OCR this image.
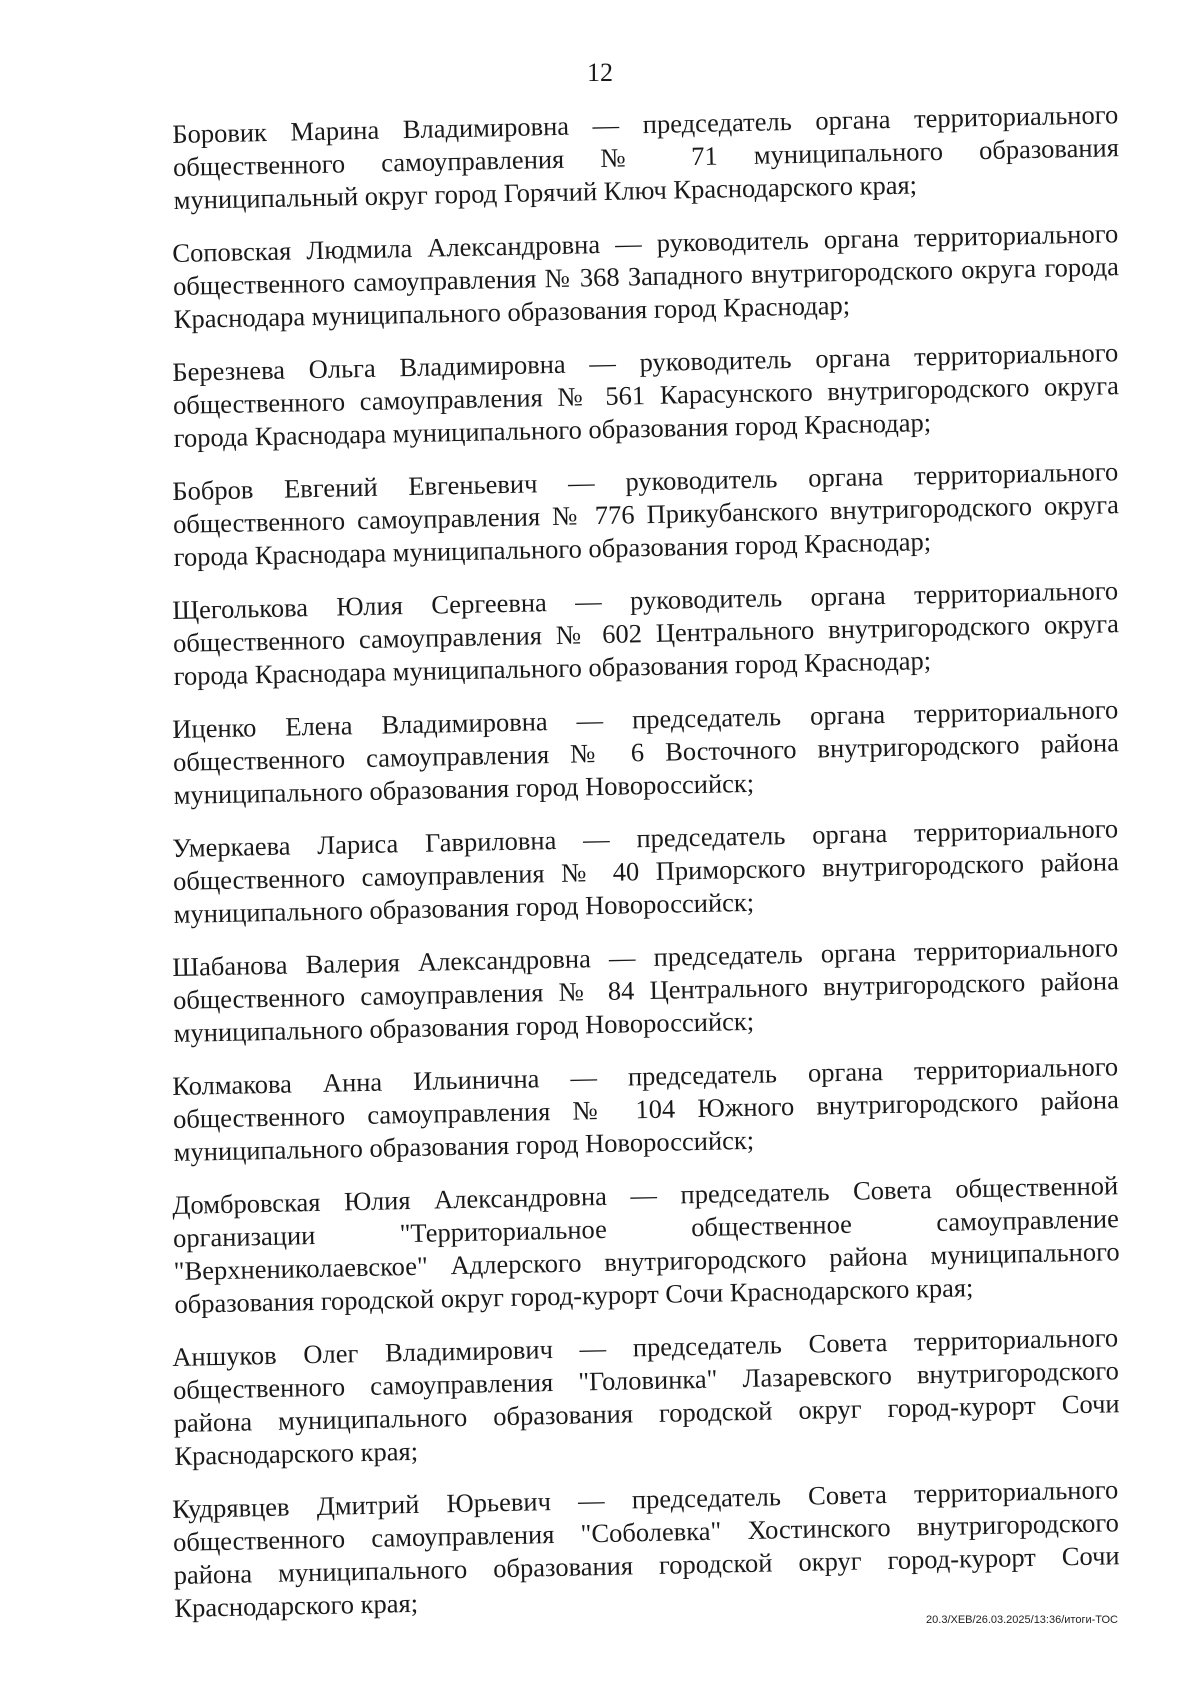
12

Боровик Марина Владимировна — председатель органа территориального общественного самоуправления № 71 муниципального образования муниципальный округ город Горячий Ключ Краснодарского края;

Соповская Людмила Александровна — руководитель органа территориального общественного самоуправления № 368 Западного внутригородского округа города Краснодара муниципального образования город Краснодар;

Березнева Ольга Владимировна — руководитель органа территориального общественного самоуправления № 561 Карасунского внутригородского округа города Краснодара муниципального образования город Краснодар;

Бобров Евгений Евгеньевич — руководитель органа территориального общественного самоуправления № 776 Прикубанского внутригородского округа города Краснодара муниципального образования город Краснодар;

Щеголькова Юлия Сергеевна — руководитель органа территориального общественного самоуправления № 602 Центрального внутригородского округа города Краснодара муниципального образования город Краснодар;

Иценко Елена Владимировна — председатель органа территориального общественного самоуправления № 6 Восточного внутригородского района муниципального образования город Новороссийск;

Умеркаева Лариса Гавриловна — председатель органа территориального общественного самоуправления № 40 Приморского внутригородского района муниципального образования город Новороссийск;

Шабанова Валерия Александровна — председатель органа территориального общественного самоуправления № 84 Центрального внутригородского района муниципального образования город Новороссийск;

Колмакова Анна Ильинична — председатель органа территориального общественного самоуправления № 104 Южного внутригородского района муниципального образования город Новороссийск;

Домбровская Юлия Александровна — председатель Совета общественной организации "Территориальное общественное самоуправление "Верхнениколаевское" Адлерского внутригородского района муниципального образования городской округ город-курорт Сочи Краснодарского края;

Аншуков Олег Владимирович — председатель Совета территориального общественного самоуправления "Головинка" Лазаревского внутригородского района муниципального образования городской округ город-курорт Сочи Краснодарского края;

Кудрявцев Дмитрий Юрьевич — председатель Совета территориального общественного самоуправления "Соболевка" Хостинского внутригородского района муниципального образования городской округ город-курорт Сочи Краснодарского края;	20.3/ХЕВ/26.03.2025/13:36/итоги-ТОС
